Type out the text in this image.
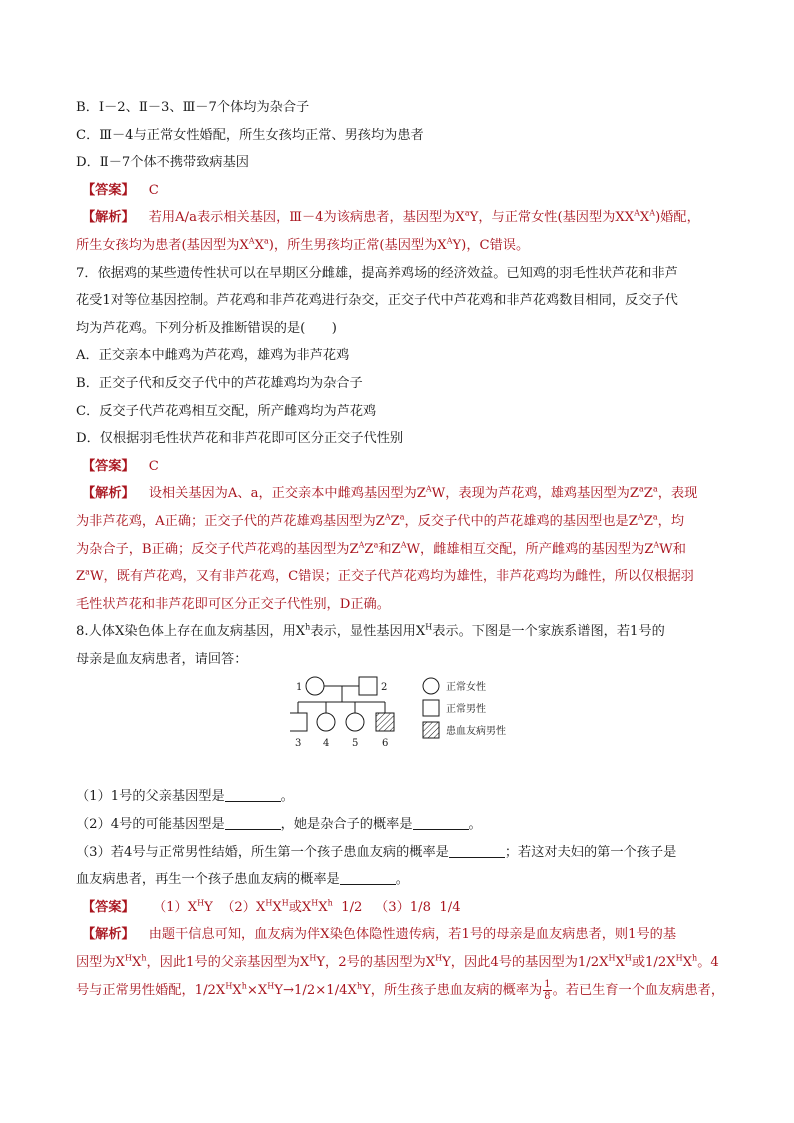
B．Ⅰ－2、Ⅱ－3、Ⅲ－7个体均为杂合子
C．Ⅲ－4与正常女性婚配，所生女孩均正常、男孩均为患者
D．Ⅱ－7个体不携带致病基因
【答案】 C
【解析】 若用A/a表示相关基因，Ⅲ－4为该病患者，基因型为$X^aY$，与正常女性(基因型为$XX^AX^A$)婚配，
所生女孩均为患者(基因型为$X^AX^a$)，所生男孩均正常(基因型为$X^AY$)，C错误。
7．依据鸡的某些遗传性状可以在早期区分雌雄，提高养鸡场的经济效益。已知鸡的羽毛性状芦花和非芦
花受1对等位基因控制。芦花鸡和非芦花鸡进行杂交，正交子代中芦花鸡和非芦花鸡数目相同，反交子代
均为芦花鸡。下列分析及推断错误的是(　　)
A．正交亲本中雌鸡为芦花鸡，雄鸡为非芦花鸡
B．正交子代和反交子代中的芦花雄鸡均为杂合子
C．反交子代芦花鸡相互交配，所产雌鸡均为芦花鸡
D．仅根据羽毛性状芦花和非芦花即可区分正交子代性别
【答案】 C
【解析】 设相关基因为A、a，正交亲本中雌鸡基因型为$Z^AW$，表现为芦花鸡，雄鸡基因型为$Z^aZ^a$，表现
为非芦花鸡，A正确；正交子代的芦花雄鸡基因型为$Z^AZ^a$，反交子代中的芦花雄鸡的基因型也是$Z^AZ^a$，均
为杂合子，B正确；反交子代芦花鸡的基因型为$Z^AZ^a$和$Z^AW$，雌雄相互交配，所产雌鸡的基因型为$Z^AW$和
$Z^aW$，既有芦花鸡，又有非芦花鸡，C错误；正交子代芦花鸡均为雄性，非芦花鸡均为雌性，所以仅根据羽
毛性状芦花和非芦花即可区分正交子代性别，D正确。
8.人体X染色体上存在血友病基因，用$X^h$表示，显性基因用$X^H$表示。下图是一个家族系谱图，若1号的
母亲是血友病患者，请回答：
（1）1号的父亲基因型是	。
（2）4号的可能基因型是	，她是杂合子的概率是	。
（3）若4号与正常男性结婚，所生第一个孩子患血友病的概率是	；若这对夫妇的第一个孩子是
血友病患者，再生一个孩子患血友病的概率是	。
【答案】 $(1)X^HY$ $(2)X^HX^H$或$X^HX^h$ 1/2 （3）1/8 1/4
【解析】 由题干信息可知，血友病为伴X染色体隐性遗传病，若1号的母亲是血友病患者，则1号的基
因型为$X^HX^h$，因此1号的父亲基因型为$X^HY$，2号的基因型为$X^HY$，因此4号的基因型为$1/2X^HX^H$或$1/2X^HX^h$。4
号与正常男性婚配，$1/2X^HX^h\times X^HY\to 1/2\times 1/4X^hY$，所生孩子患血友病的概率为 $\frac{1}{8}$ 。若已生育一个血友病患者，
1	2
3 4 5 6
正常女性
正常男性
患血友病男性
